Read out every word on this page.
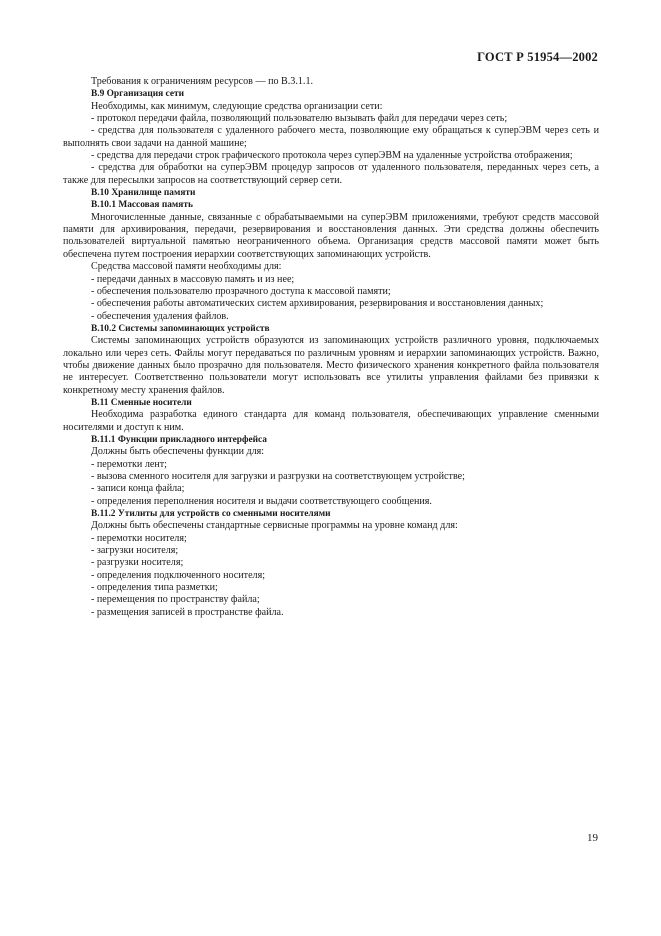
ГОСТ Р 51954—2002

Требования к ограничениям ресурсов — по В.3.1.1.

B.9 Организация сети

Необходимы, как минимум, следующие средства организации сети:

- протокол передачи файла, позволяющий пользователю вызывать файл для передачи через сеть;

- средства для пользователя с удаленного рабочего места, позволяющие ему обращаться к суперЭВМ через сеть и выполнять свои задачи на данной машине;

- средства для передачи строк графического протокола через суперЭВМ на удаленные устройства отображения;

- средства для обработки на суперЭВМ процедур запросов от удаленного пользователя, переданных через сеть, а также для пересылки запросов на соответствующий сервер сети.

B.10 Хранилище памяти

B.10.1 Массовая память

Многочисленные данные, связанные с обрабатываемыми на суперЭВМ приложениями, требуют средств массовой памяти для архивирования, передачи, резервирования и восстановления данных. Эти средства должны обеспечить пользователей виртуальной памятью неограниченного объема. Организация средств массовой памяти может быть обеспечена путем построения иерархии соответствующих запоминающих устройств.

Средства массовой памяти необходимы для:

- передачи данных в массовую память и из нее;

- обеспечения пользователю прозрачного доступа к массовой памяти;

- обеспечения работы автоматических систем архивирования, резервирования и восстановления данных;

- обеспечения удаления файлов.

B.10.2 Системы запоминающих устройств

Системы запоминающих устройств образуются из запоминающих устройств различного уровня, подключаемых локально или через сеть. Файлы могут передаваться по различным уровням и иерархии запоминающих устройств. Важно, чтобы движение данных было прозрачно для пользователя. Место физического хранения конкретного файла пользователя не интересует. Соответственно пользователи могут использовать все утилиты управления файлами без привязки к конкретному месту хранения файлов.

B.11 Сменные носители

Необходима разработка единого стандарта для команд пользователя, обеспечивающих управление сменными носителями и доступ к ним.

B.11.1 Функции прикладного интерфейса

Должны быть обеспечены функции для:

- перемотки лент;

- вызова сменного носителя для загрузки и разгрузки на соответствующем устройстве;

- записи конца файла;

- определения переполнения носителя и выдачи соответствующего сообщения.

B.11.2 Утилиты для устройств со сменными носителями

Должны быть обеспечены стандартные сервисные программы на уровне команд для:

- перемотки носителя;

- загрузки носителя;

- разгрузки носителя;

- определения подключенного носителя;

- определения типа разметки;

- перемещения по пространству файла;

- размещения записей в пространстве файла.

19
